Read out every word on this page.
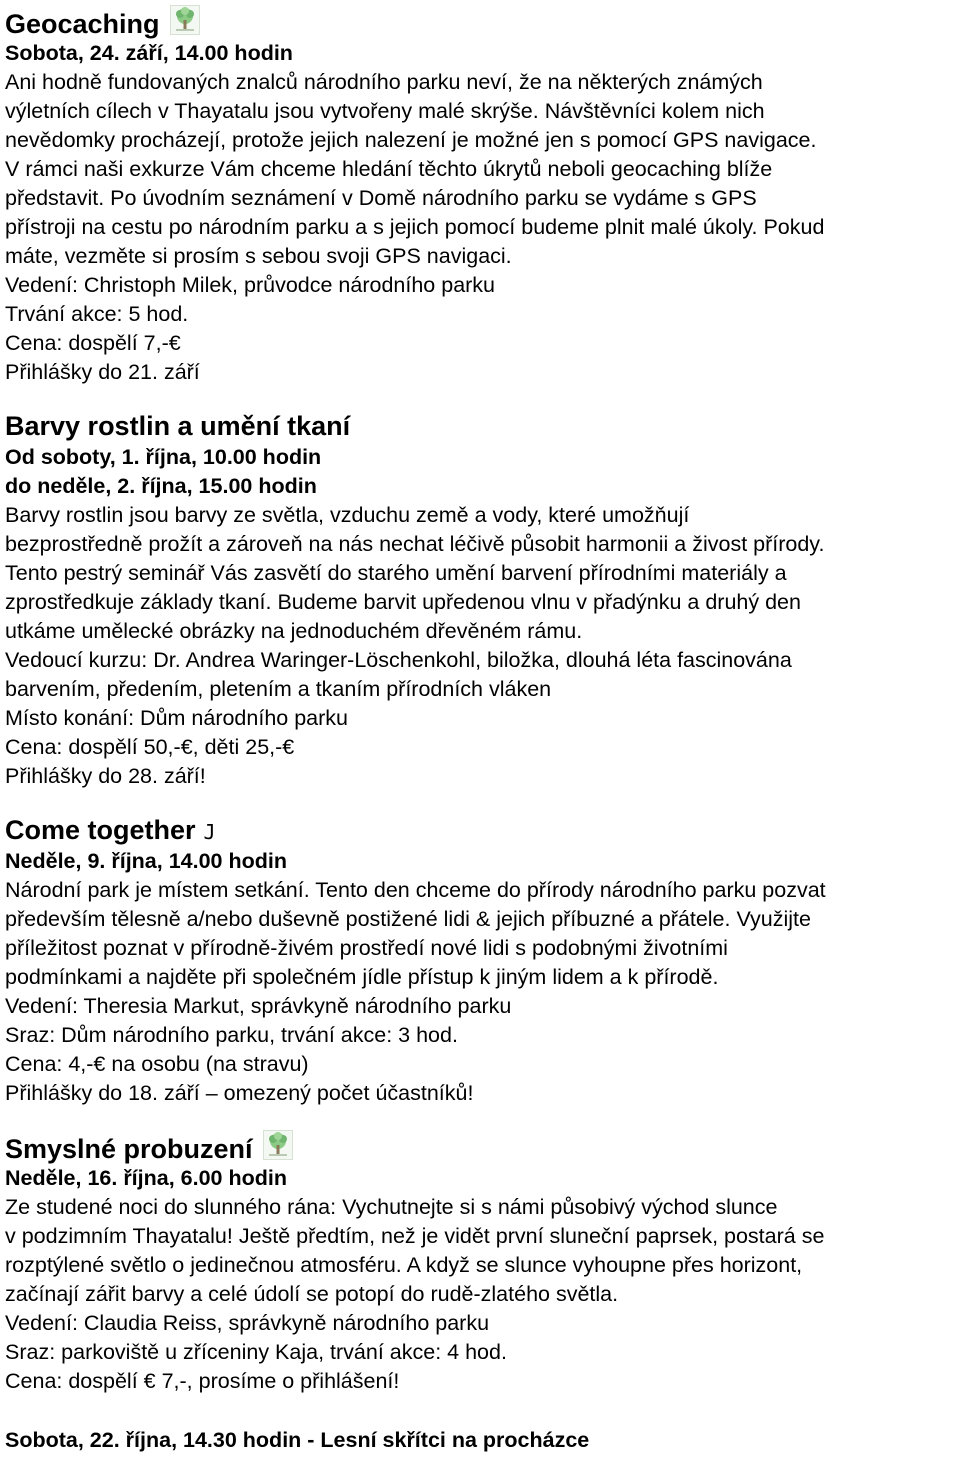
Geocaching
Sobota, 24. září, 14.00 hodin
Ani hodně fundovaných znalců národního parku neví, že na některých známých
výletních cílech v Thayatalu jsou vytvořeny malé skrýše. Návštěvníci kolem nich
nevědomky procházejí, protože jejich nalezení je možné jen s pomocí GPS navigace.
V rámci naši exkurze Vám chceme hledání těchto úkrytů neboli geocaching blíže
představit. Po úvodním seznámení v Domě národního parku se vydáme s GPS
přístroji na cestu po národním parku a s jejich pomocí budeme plnit malé úkoly. Pokud
máte, vezměte si prosím s sebou svoji GPS navigaci.
Vedení: Christoph Milek, průvodce národního parku
Trvání akce: 5 hod.
Cena: dospělí 7,-€
Přihlášky do 21. září
Barvy rostlin a umění tkaní
Od soboty, 1. října, 10.00 hodin
do neděle, 2. října, 15.00 hodin
Barvy rostlin jsou barvy ze světla, vzduchu země a vody, které umožňují
bezprostředně prožít a zároveň na nás nechat léčivě působit harmonii a živost přírody.
Tento pestrý seminář Vás zasvětí do starého umění barvení přírodními materiály a
zprostředkuje základy tkaní. Budeme barvit upředenou vlnu v přadýnku a druhý den
utkáme umělecké obrázky na jednoduchém dřevěném rámu.
Vedoucí kurzu: Dr. Andrea Waringer-Löschenkohl, biložka, dlouhá léta fascinována
barvením, předením, pletením a tkaním přírodních vláken
Místo konání: Dům národního parku
Cena: dospělí 50,-€, děti 25,-€
Přihlášky do 28. září!
Come together J
Neděle, 9. října, 14.00 hodin
Národní park je místem setkání. Tento den chceme do přírody národního parku pozvat
především tělesně a/nebo duševně postižené lidi & jejich příbuzné a přátele. Využijte
příležitost poznat v přírodně-živém prostředí nové lidi s podobnými životními
podmínkami a najděte při společném jídle přístup k jiným lidem a k přírodě.
Vedení: Theresia Markut, správkyně národního parku
Sraz: Dům národního parku, trvání akce: 3 hod.
Cena: 4,-€ na osobu (na stravu)
Přihlášky do 18. září – omezený počet účastníků!
Smyslné probuzení
Neděle, 16. října, 6.00 hodin
Ze studené noci do slunného rána: Vychutnejte si s námi působivý východ slunce
v podzimním Thayatalu! Ještě předtím, než je vidět první sluneční paprsek, postará se
rozptýlené světlo o jedinečnou atmosféru. A když se slunce vyhoupne přes horizont,
začínají zářit barvy a celé údolí se potopí do rudě-zlatého světla.
Vedení: Claudia Reiss, správkyně národního parku
Sraz: parkoviště u zříceniny Kaja, trvání akce: 4 hod.
Cena: dospělí € 7,-, prosíme o přihlášení!
Sobota, 22. října, 14.30 hodin - Lesní skřítci na procházce
